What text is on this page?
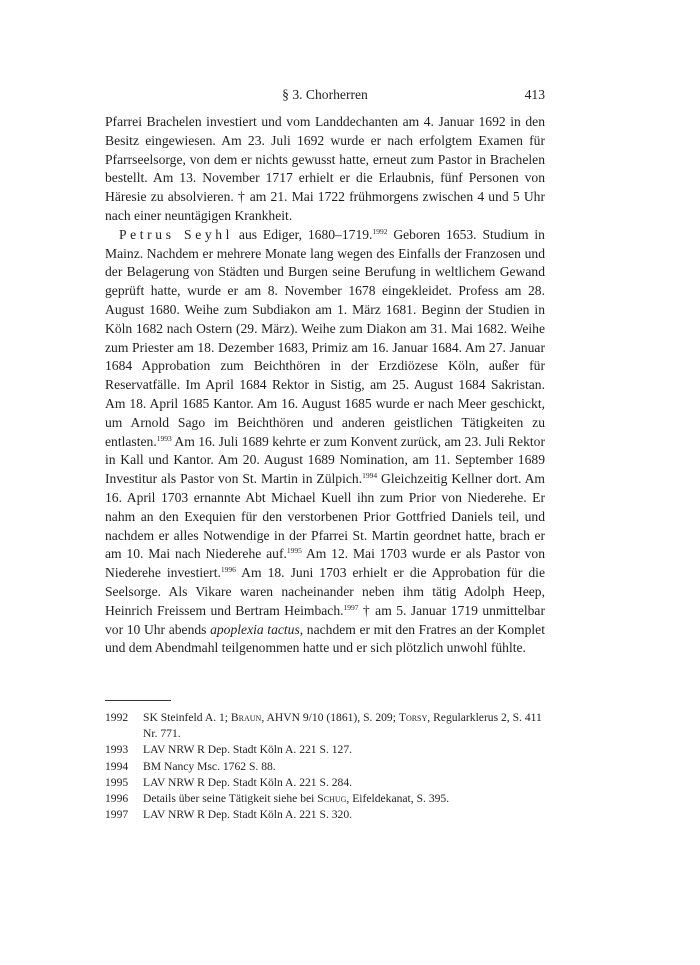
§ 3. Chorherren	413

Pfarrei Brachelen investiert und vom Landdechanten am 4. Januar 1692 in den Besitz eingewiesen. Am 23. Juli 1692 wurde er nach erfolgtem Examen für Pfarrseelsorge, von dem er nichts gewusst hatte, erneut zum Pastor in Brachelen bestellt. Am 13. November 1717 erhielt er die Erlaubnis, fünf Personen von Häresie zu absolvieren. † am 21. Mai 1722 frühmorgens zwischen 4 und 5 Uhr nach einer neuntägigen Krankheit.

Petrus Seyhl aus Ediger, 1680–1719.$^{1992}$ Geboren 1653. Studium in Mainz. Nachdem er mehrere Monate lang wegen des Einfalls der Franzosen und der Belagerung von Städten und Burgen seine Berufung in weltlichem Gewand geprüft hatte, wurde er am 8. November 1678 eingekleidet. Profess am 28. August 1680. Weihe zum Subdiakon am 1. März 1681. Beginn der Studien in Köln 1682 nach Ostern (29. März). Weihe zum Diakon am 31. Mai 1682. Weihe zum Priester am 18. Dezember 1683, Primiz am 16. Januar 1684. Am 27. Januar 1684 Approbation zum Beichthören in der Erzdiözese Köln, außer für Reservatfälle. Im April 1684 Rektor in Sistig, am 25. August 1684 Sakristan. Am 18. April 1685 Kantor. Am 16. August 1685 wurde er nach Meer geschickt, um Arnold Sago im Beichthören und anderen geistlichen Tätigkeiten zu entlasten.$^{1993}$ Am 16. Juli 1689 kehrte er zum Konvent zurück, am 23. Juli Rektor in Kall und Kantor. Am 20. August 1689 Nomination, am 11. September 1689 Investitur als Pastor von St. Martin in Zülpich.$^{1994}$ Gleichzeitig Kellner dort. Am 16. April 1703 ernannte Abt Michael Kuell ihn zum Prior von Niederehe. Er nahm an den Exequien für den verstorbenen Prior Gottfried Daniels teil, und nachdem er alles Notwendige in der Pfarrei St. Martin geordnet hatte, brach er am 10. Mai nach Niederehe auf.$^{1995}$ Am 12. Mai 1703 wurde er als Pastor von Niederehe investiert.$^{1996}$ Am 18. Juni 1703 erhielt er die Approbation für die Seelsorge. Als Vikare waren nacheinander neben ihm tätig Adolph Heep, Heinrich Freissem und Bertram Heimbach.$^{1997}$ † am 5. Januar 1719 unmittelbar vor 10 Uhr abends apoplexia tactus, nachdem er mit den Fratres an der Komplet und dem Abendmahl teilgenommen hatte und er sich plötzlich unwohl fühlte.

1992	SK Steinfeld A. 1; Braun, AHVN 9/10 (1861), S. 209; Torsy, Regularklerus 2, S. 411 Nr. 771.
1993	LAV NRW R Dep. Stadt Köln A. 221 S. 127.
1994	BM Nancy Msc. 1762 S. 88.
1995	LAV NRW R Dep. Stadt Köln A. 221 S. 284.
1996	Details über seine Tätigkeit siehe bei Schug, Eifeldekanat, S. 395.
1997	LAV NRW R Dep. Stadt Köln A. 221 S. 320.
